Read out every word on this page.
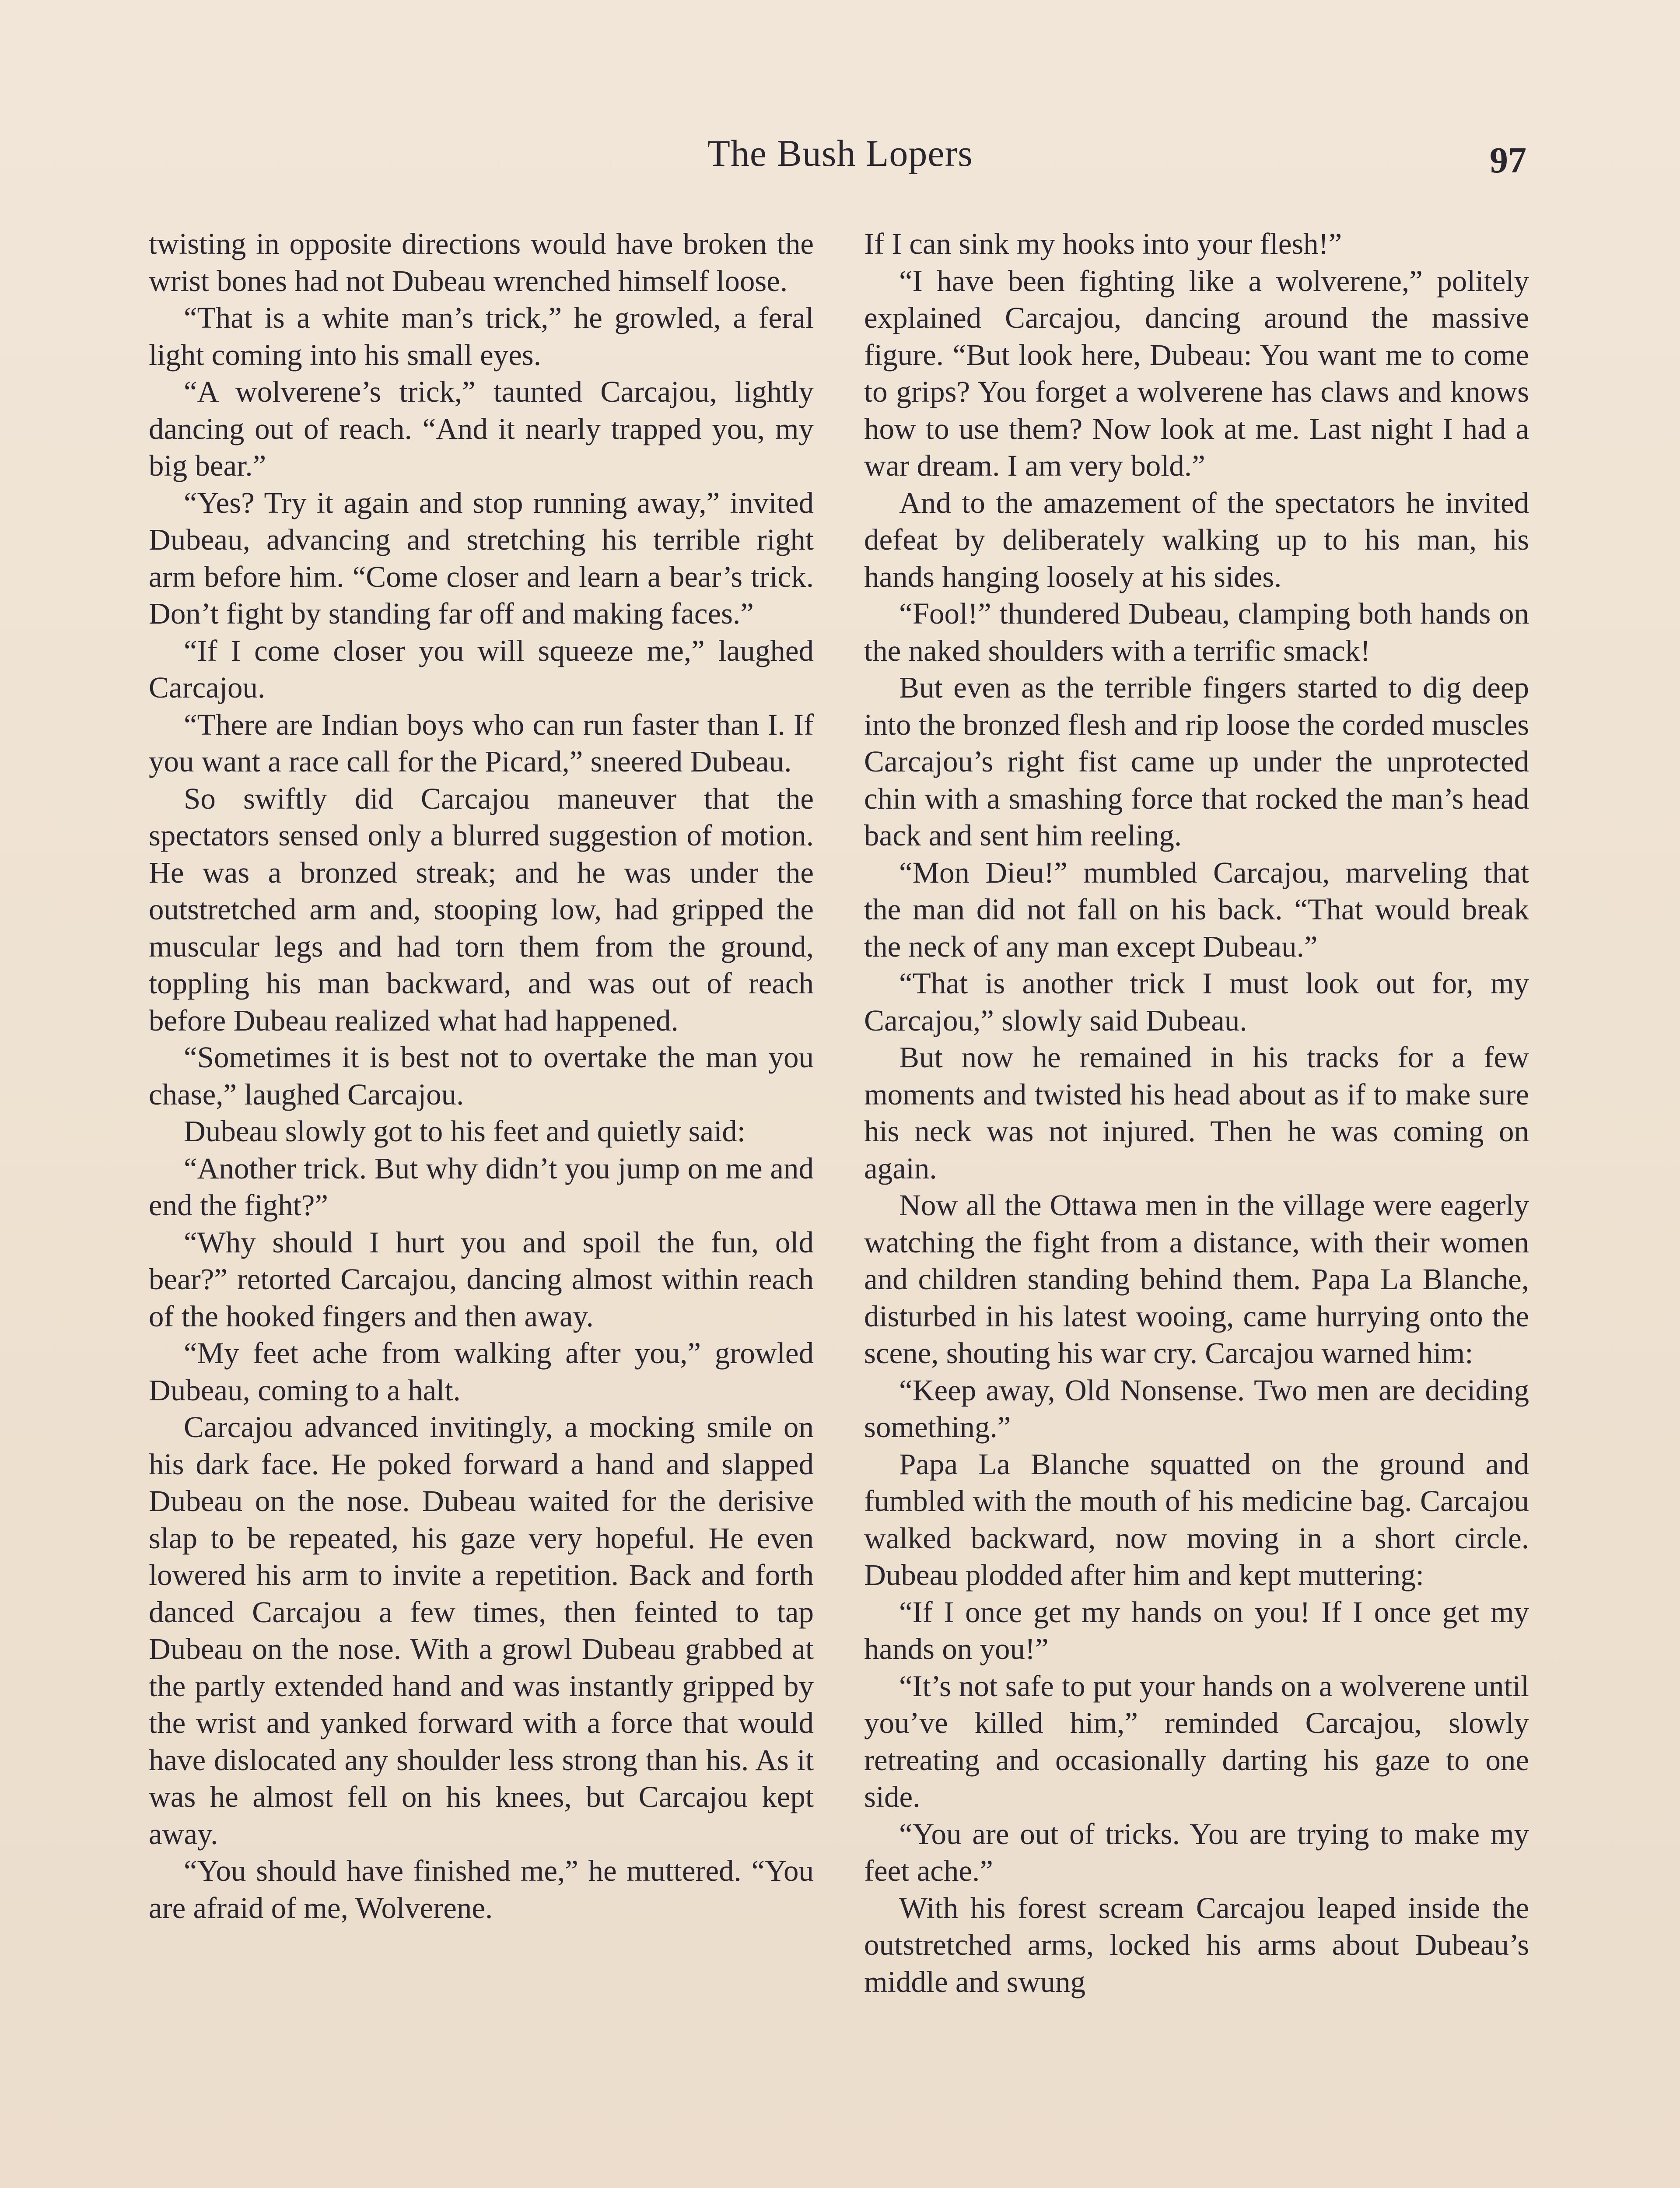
The Bush Lopers	97

twisting in opposite directions would have broken the wrist bones had not Dubeau wrenched himself loose.

“That is a white man’s trick,” he growled, a feral light coming into his small eyes.

“A wolverene’s trick,” taunted Carcajou, lightly dancing out of reach. “And it nearly trapped you, my big bear.”

“Yes? Try it again and stop running away,” invited Dubeau, advancing and stretching his terrible right arm before him. “Come closer and learn a bear’s trick. Don’t fight by standing far off and making faces.”

“If I come closer you will squeeze me,” laughed Carcajou.

“There are Indian boys who can run faster than I. If you want a race call for the Picard,” sneered Dubeau.

So swiftly did Carcajou maneuver that the spectators sensed only a blurred suggestion of motion. He was a bronzed streak; and he was under the outstretched arm and, stooping low, had gripped the muscular legs and had torn them from the ground, toppling his man backward, and was out of reach before Dubeau realized what had happened.

“Sometimes it is best not to overtake the man you chase,” laughed Carcajou.

Dubeau slowly got to his feet and quietly said:

“Another trick. But why didn’t you jump on me and end the fight?”

“Why should I hurt you and spoil the fun, old bear?” retorted Carcajou, dancing almost within reach of the hooked fingers and then away.

“My feet ache from walking after you,” growled Dubeau, coming to a halt.

Carcajou advanced invitingly, a mocking smile on his dark face. He poked forward a hand and slapped Dubeau on the nose. Dubeau waited for the derisive slap to be repeated, his gaze very hopeful. He even lowered his arm to invite a repetition. Back and forth danced Carcajou a few times, then feinted to tap Dubeau on the nose. With a growl Dubeau grabbed at the partly extended hand and was instantly gripped by the wrist and yanked forward with a force that would have dislocated any shoulder less strong than his. As it was he almost fell on his knees, but Carcajou kept away.

“You should have finished me,” he muttered. “You are afraid of me, Wolverene.

If I can sink my hooks into your flesh!”

“I have been fighting like a wolverene,” politely explained Carcajou, dancing around the massive figure. “But look here, Dubeau: You want me to come to grips? You forget a wolverene has claws and knows how to use them? Now look at me. Last night I had a war dream. I am very bold.”

And to the amazement of the spectators he invited defeat by deliberately walking up to his man, his hands hanging loosely at his sides.

“Fool!” thundered Dubeau, clamping both hands on the naked shoulders with a terrific smack!

But even as the terrible fingers started to dig deep into the bronzed flesh and rip loose the corded muscles Carcajou’s right fist came up under the unprotected chin with a smashing force that rocked the man’s head back and sent him reeling.

“Mon Dieu!” mumbled Carcajou, marveling that the man did not fall on his back. “That would break the neck of any man except Dubeau.”

“That is another trick I must look out for, my Carcajou,” slowly said Dubeau.

But now he remained in his tracks for a few moments and twisted his head about as if to make sure his neck was not injured. Then he was coming on again.

Now all the Ottawa men in the village were eagerly watching the fight from a distance, with their women and children standing behind them. Papa La Blanche, disturbed in his latest wooing, came hurrying onto the scene, shouting his war cry. Carcajou warned him:

“Keep away, Old Nonsense. Two men are deciding something.”

Papa La Blanche squatted on the ground and fumbled with the mouth of his medicine bag. Carcajou walked backward, now moving in a short circle. Dubeau plodded after him and kept muttering:

“If I once get my hands on you! If I once get my hands on you!”

“It’s not safe to put your hands on a wolverene until you’ve killed him,” reminded Carcajou, slowly retreating and occasionally darting his gaze to one side.

“You are out of tricks. You are trying to make my feet ache.”

With his forest scream Carcajou leaped inside the outstretched arms, locked his arms about Dubeau’s middle and swung
